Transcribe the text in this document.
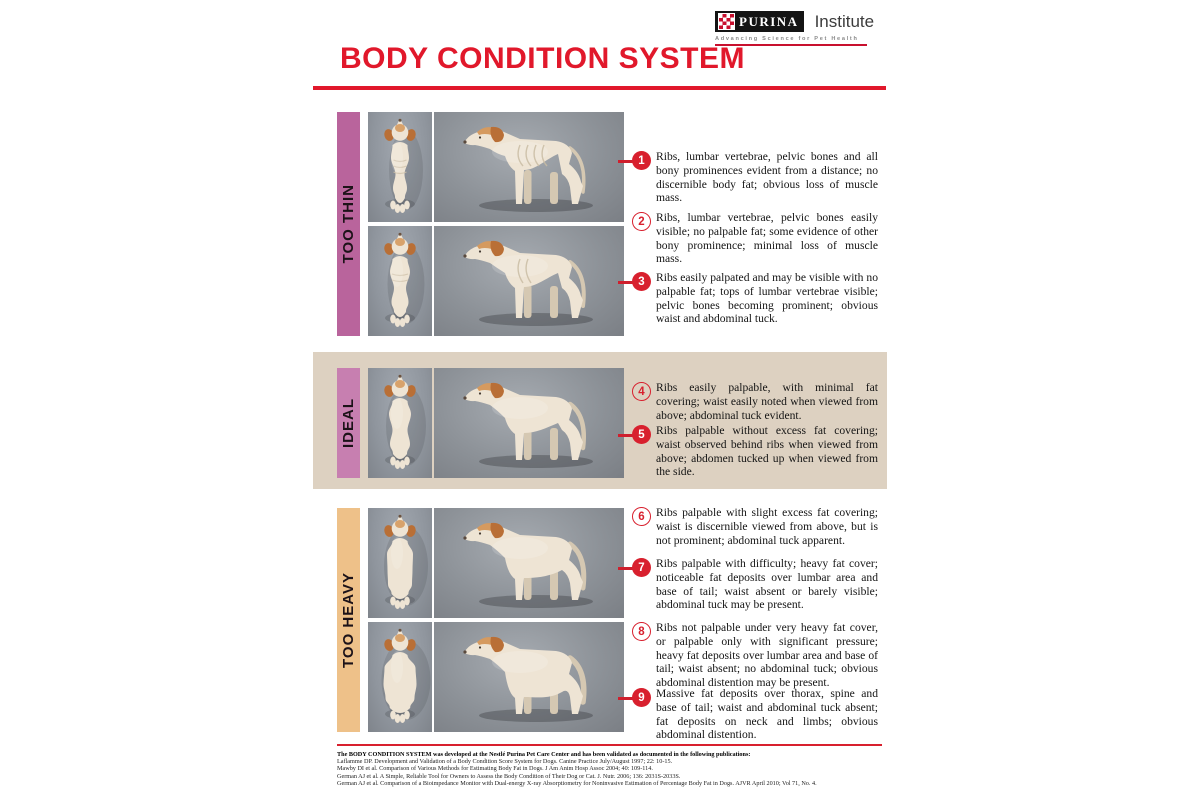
PURINA Institute
Advancing Science for Pet Health
BODY CONDITION SYSTEM
TOO THIN
IDEAL
TOO HEAVY
1 Ribs, lumbar vertebrae, pelvic bones and all bony prominences evident from a distance; no discernible body fat; obvious loss of muscle mass.

2 Ribs, lumbar vertebrae, pelvic bones easily visible; no palpable fat; some evidence of other bony prominence; minimal loss of muscle mass.

3 Ribs easily palpated and may be visible with no palpable fat; tops of lumbar vertebrae visible; pelvic bones becoming prominent; obvious waist and abdominal tuck.

4 Ribs easily palpable, with minimal fat covering; waist easily noted when viewed from above; abdominal tuck evident.

5 Ribs palpable without excess fat covering; waist observed behind ribs when viewed from above; abdomen tucked up when viewed from the side.

6 Ribs palpable with slight excess fat covering; waist is discernible viewed from above, but is not prominent; abdominal tuck apparent.

7 Ribs palpable with difficulty; heavy fat cover; noticeable fat deposits over lumbar area and base of tail; waist absent or barely visible; abdominal tuck may be present.

8 Ribs not palpable under very heavy fat cover, or palpable only with significant pressure; heavy fat deposits over lumbar area and base of tail; waist absent; no abdominal tuck; obvious abdominal distention may be present.

9 Massive fat deposits over thorax, spine and base of tail; waist and abdominal tuck absent; fat deposits on neck and limbs; obvious abdominal distention.

The BODY CONDITION SYSTEM was developed at the Nestlé Purina Pet Care Center and has been validated as documented in the following publications:

Laflamme DP. Development and Validation of a Body Condition Score System for Dogs. Canine Practice July/August 1997; 22: 10-15.

Mawby DI et al. Comparison of Various Methods for Estimating Body Fat in Dogs. J Am Anim Hosp Assoc 2004; 40: 109-114.

German AJ et al. A Simple, Reliable Tool for Owners to Assess the Body Condition of Their Dog or Cat. J. Nutr. 2006; 136: 2031S-2033S.

German AJ et al. Comparison of a Bioimpedance Monitor with Dual-energy X-ray Absorptiometry for Noninvasive Estimation of Percentage Body Fat in Dogs. AJVR April 2010; Vol 71, No. 4.
